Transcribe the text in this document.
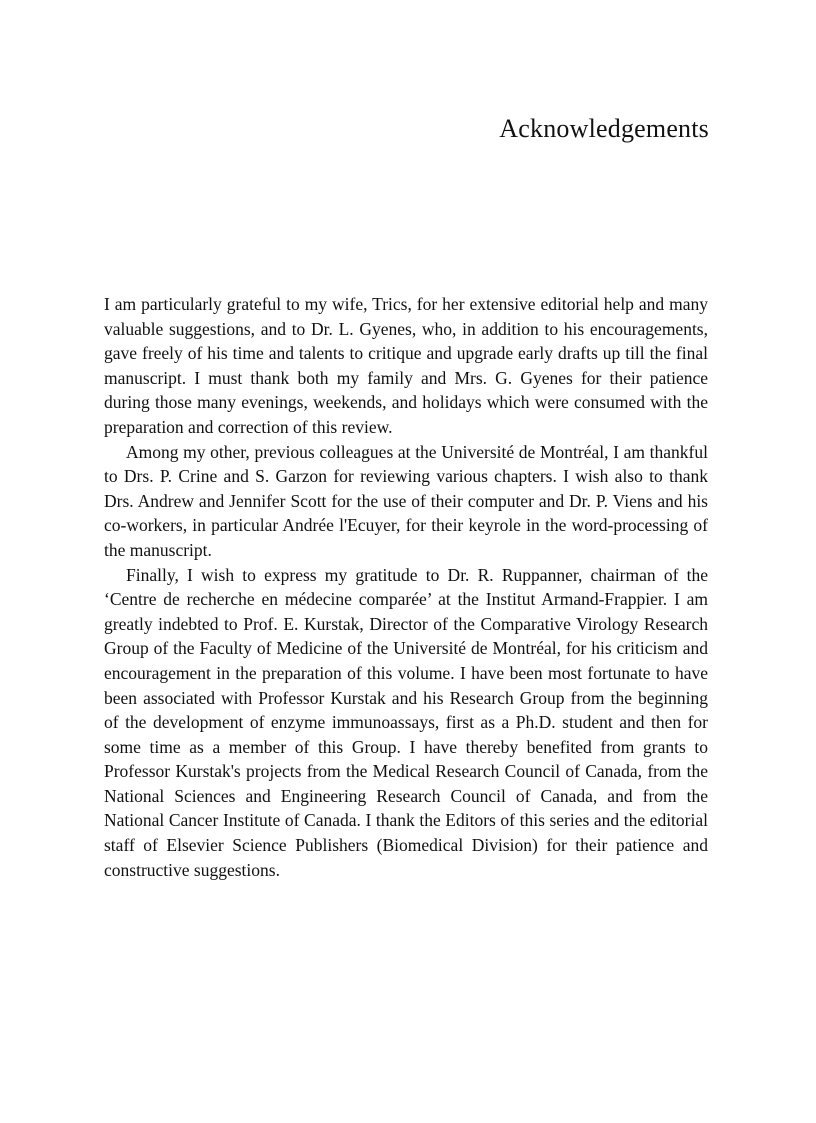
Acknowledgements

I am particularly grateful to my wife, Trics, for her extensive editorial help and many valuable suggestions, and to Dr. L. Gyenes, who, in addition to his encouragements, gave freely of his time and talents to critique and upgrade early drafts up till the final manuscript. I must thank both my family and Mrs. G. Gyenes for their patience during those many evenings, weekends, and holidays which were consumed with the preparation and correction of this review.

Among my other, previous colleagues at the Université de Montréal, I am thankful to Drs. P. Crine and S. Garzon for reviewing various chapters. I wish also to thank Drs. Andrew and Jennifer Scott for the use of their computer and Dr. P. Viens and his co-workers, in particular Andrée l'Ecuyer, for their keyrole in the word-processing of the manuscript.

Finally, I wish to express my gratitude to Dr. R. Ruppanner, chairman of the ‘Centre de recherche en médecine comparée’ at the Institut Armand-Frappier. I am greatly indebted to Prof. E. Kurstak, Director of the Comparative Virology Research Group of the Faculty of Medicine of the Université de Montréal, for his criticism and encouragement in the preparation of this volume. I have been most fortunate to have been associated with Professor Kurstak and his Research Group from the beginning of the development of enzyme immunoassays, first as a Ph.D. student and then for some time as a member of this Group. I have thereby benefited from grants to Professor Kurstak's projects from the Medical Research Council of Canada, from the National Sciences and Engineering Research Council of Canada, and from the National Cancer Institute of Canada. I thank the Editors of this series and the editorial staff of Elsevier Science Publishers (Biomedical Division) for their patience and constructive suggestions.
